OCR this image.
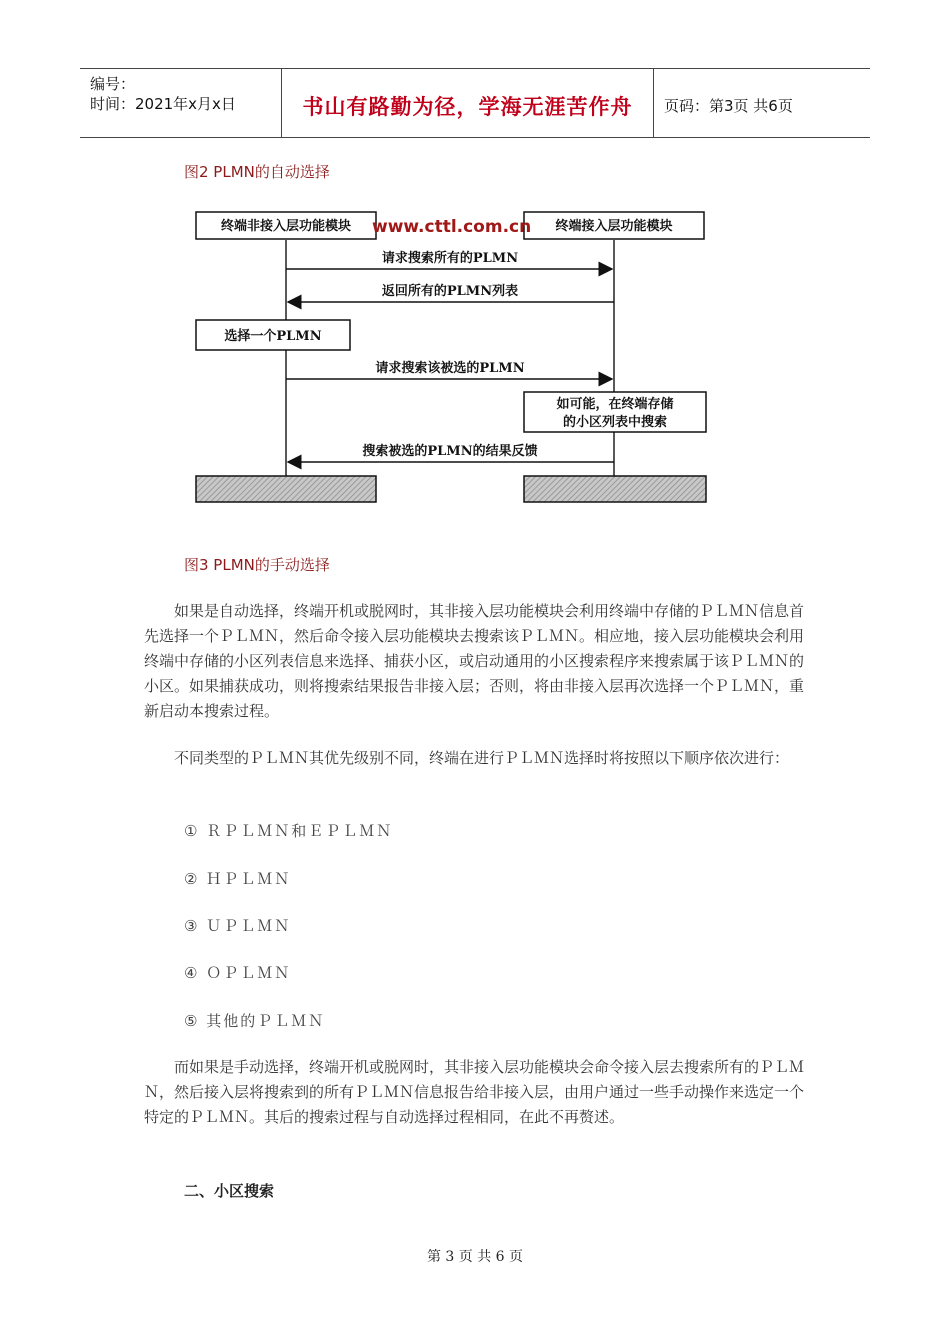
编号：
时间：2021年x月x日	书山有路勤为径，学海无涯苦作舟	页码：第3页 共6页
图2 PLMN的自动选择
终端非接入层功能模块	终端接入层功能模块
www.cttl.com.cn
请求搜索所有的PLMN
返回所有的PLMN列表
选择一个PLMN
请求搜索该被选的PLMN
如可能，在终端存储
的小区列表中搜索
搜索被选的PLMN的结果反馈
图3 PLMN的手动选择

如果是自动选择，终端开机或脱网时，其非接入层功能模块会利用终端中存储的ＰＬＭＮ信息首先选择一个ＰＬＭＮ，然后命令接入层功能模块去搜索该ＰＬＭＮ。相应地，接入层功能模块会利用终端中存储的小区列表信息来选择、捕获小区，或启动通用的小区搜索程序来搜索属于该ＰＬＭＮ的小区。如果捕获成功，则将搜索结果报告非接入层；否则，将由非接入层再次选择一个ＰＬＭＮ，重新启动本搜索过程。

不同类型的ＰＬＭＮ其优先级别不同，终端在进行ＰＬＭＮ选择时将按照以下顺序依次进行：

① ＲＰＬＭＮ和ＥＰＬＭＮ
② ＨＰＬＭＮ
③ ＵＰＬＭＮ
④ ＯＰＬＭＮ
⑤ 其他的ＰＬＭＮ

而如果是手动选择，终端开机或脱网时，其非接入层功能模块会命令接入层去搜索所有的ＰＬＭＮ，然后接入层将搜索到的所有ＰＬＭＮ信息报告给非接入层，由用户通过一些手动操作来选定一个特定的ＰＬＭＮ。其后的搜索过程与自动选择过程相同，在此不再赘述。

二、小区搜索
第 3 页 共 6 页
